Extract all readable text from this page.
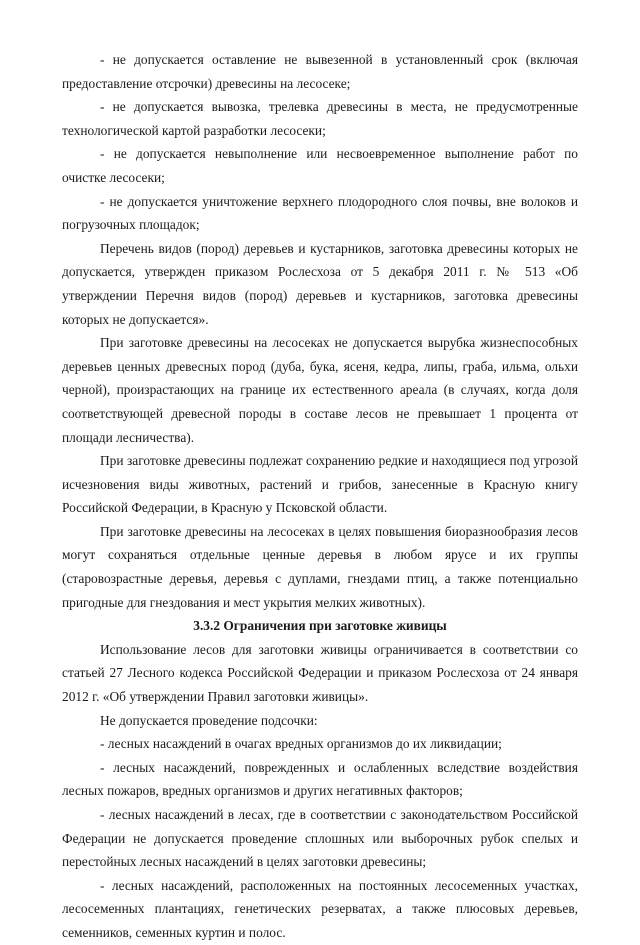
- не допускается оставление не вывезенной в установленный срок (включая предоставление отсрочки) древесины на лесосеке;

- не допускается вывозка, трелевка древесины в места, не предусмотренные технологической картой разработки лесосеки;

- не допускается невыполнение или несвоевременное выполнение работ по очистке лесосеки;

- не допускается уничтожение верхнего плодородного слоя почвы, вне волоков и погрузочных площадок;

Перечень видов (пород) деревьев и кустарников, заготовка древесины которых не допускается, утвержден приказом Рослесхоза от 5 декабря 2011 г. № 513 «Об утверждении Перечня видов (пород) деревьев и кустарников, заготовка древесины которых не допускается».

При заготовке древесины на лесосеках не допускается вырубка жизнеспособных деревьев ценных древесных пород (дуба, бука, ясеня, кедра, липы, граба, ильма, ольхи черной), произрастающих на границе их естественного ареала (в случаях, когда доля соответствующей древесной породы в составе лесов не превышает 1 процента от площади лесничества).

При заготовке древесины подлежат сохранению редкие и находящиеся под угрозой исчезновения виды животных, растений и грибов, занесенные в Красную книгу Российской Федерации, в Красную у Псковской области.

При заготовке древесины на лесосеках в целях повышения биоразнообразия лесов могут сохраняться отдельные ценные деревья в любом ярусе и их группы (старовозрастные деревья, деревья с дуплами, гнездами птиц, а также потенциально пригодные для гнездования и мест укрытия мелких животных).

3.3.2 Ограничения при заготовке живицы

Использование лесов для заготовки живицы ограничивается в соответствии со статьей 27 Лесного кодекса Российской Федерации и приказом Рослесхоза от 24 января 2012 г. «Об утверждении Правил заготовки живицы».

Не допускается проведение подсочки:

- лесных насаждений в очагах вредных организмов до их ликвидации;

- лесных насаждений, поврежденных и ослабленных вследствие воздействия лесных пожаров, вредных организмов и других негативных факторов;

- лесных насаждений в лесах, где в соответствии с законодательством Российской Федерации не допускается проведение сплошных или выборочных рубок спелых и перестойных лесных насаждений в целях заготовки древесины;

- лесных насаждений, расположенных на постоянных лесосеменных участках, лесосеменных плантациях, генетических резерватах, а также плюсовых деревьев, семенников, семенных куртин и полос.
